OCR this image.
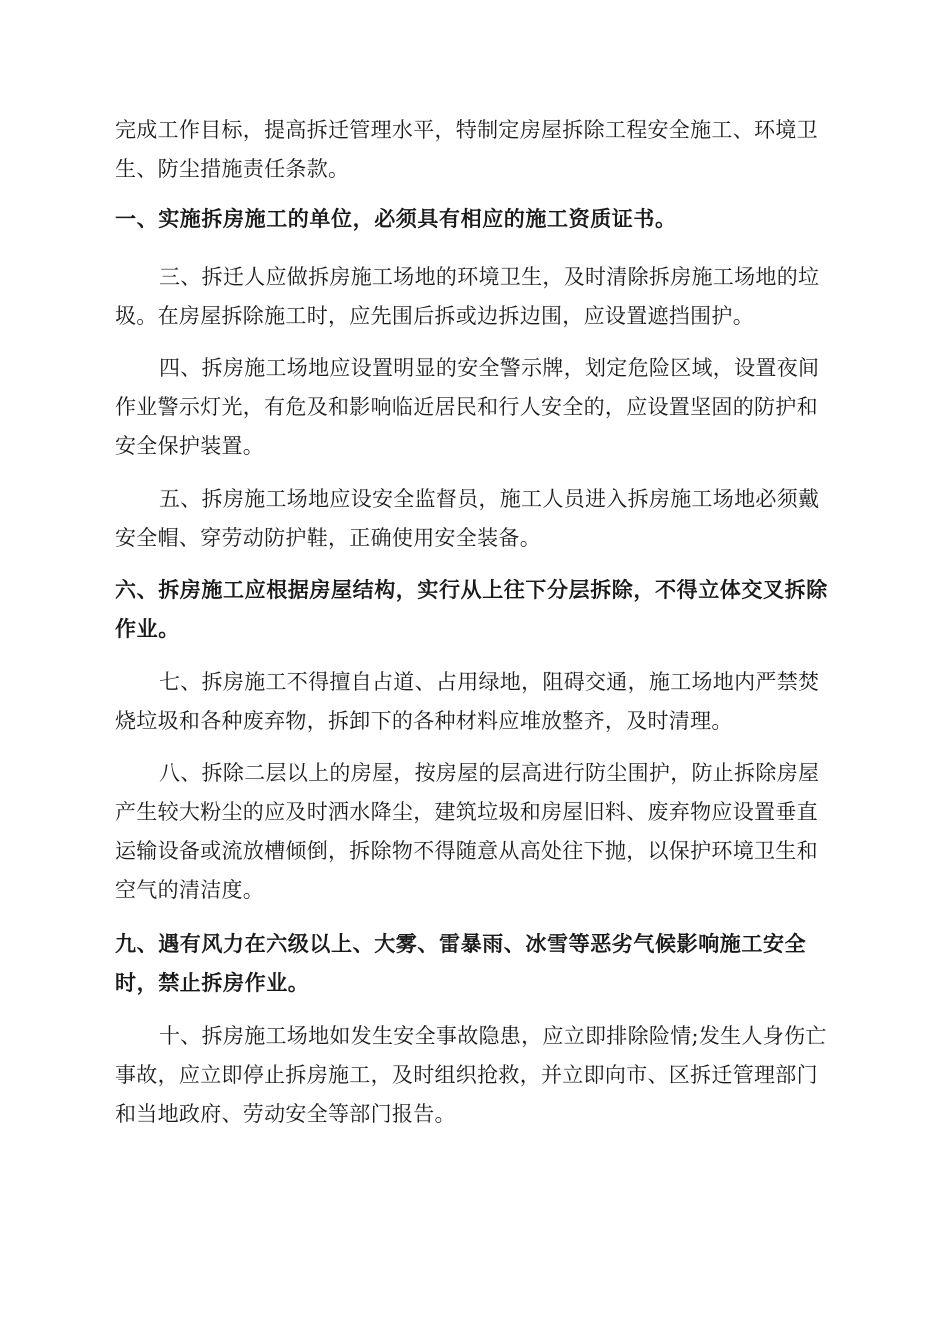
完成工作目标，提高拆迁管理水平，特制定房屋拆除工程安全施工、环境卫生、防尘措施责任条款。

一、实施拆房施工的单位，必须具有相应的施工资质证书。

三、拆迁人应做拆房施工场地的环境卫生，及时清除拆房施工场地的垃圾。在房屋拆除施工时，应先围后拆或边拆边围，应设置遮挡围护。

四、拆房施工场地应设置明显的安全警示牌，划定危险区域，设置夜间作业警示灯光，有危及和影响临近居民和行人安全的，应设置坚固的防护和安全保护装置。

五、拆房施工场地应设安全监督员，施工人员进入拆房施工场地必须戴安全帽、穿劳动防护鞋，正确使用安全装备。

六、拆房施工应根据房屋结构，实行从上往下分层拆除，不得立体交叉拆除作业。

七、拆房施工不得擅自占道、占用绿地，阻碍交通，施工场地内严禁焚烧垃圾和各种废弃物，拆卸下的各种材料应堆放整齐，及时清理。

八、拆除二层以上的房屋，按房屋的层高进行防尘围护，防止拆除房屋产生较大粉尘的应及时洒水降尘，建筑垃圾和房屋旧料、废弃物应设置垂直运输设备或流放槽倾倒，拆除物不得随意从高处往下抛，以保护环境卫生和空气的清洁度。

九、遇有风力在六级以上、大雾、雷暴雨、冰雪等恶劣气候影响施工安全时，禁止拆房作业。

十、拆房施工场地如发生安全事故隐患，应立即排除险情;发生人身伤亡事故，应立即停止拆房施工，及时组织抢救，并立即向市、区拆迁管理部门和当地政府、劳动安全等部门报告。
